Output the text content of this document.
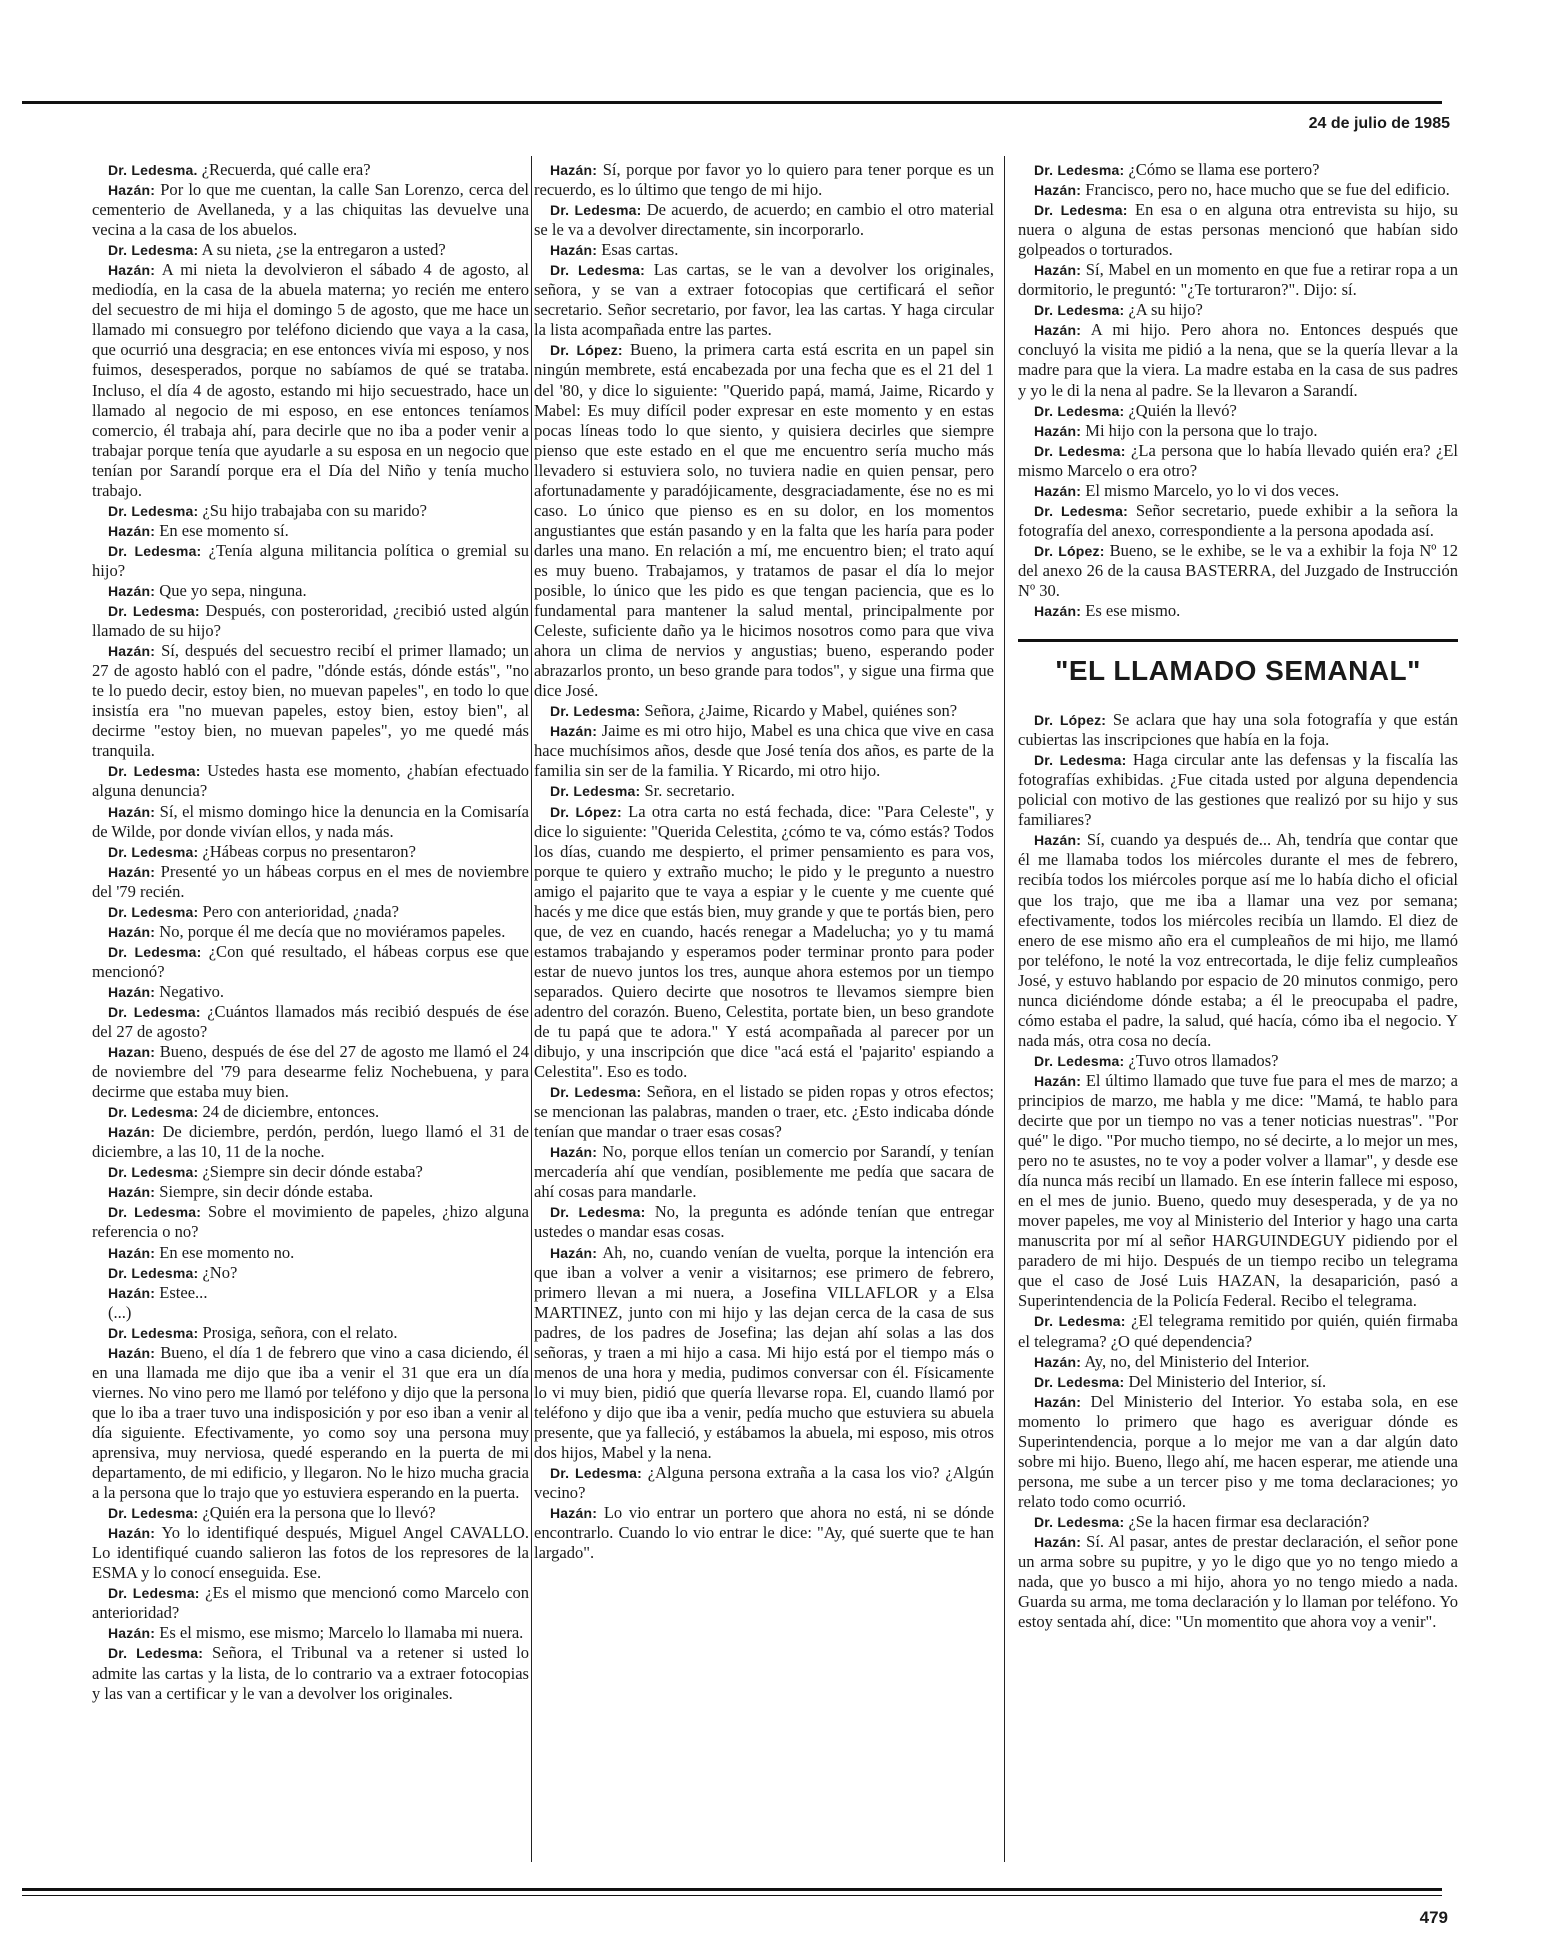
24 de julio de 1985

Dr. Ledesma. ¿Recuerda, qué calle era?

Hazán: Por lo que me cuentan, la calle San Lorenzo, cerca del cementerio de Avellaneda, y a las chiquitas las devuelve una vecina a la casa de los abuelos.

Dr. Ledesma: A su nieta, ¿se la entregaron a usted?

Hazán: A mi nieta la devolvieron el sábado 4 de agosto, al mediodía, en la casa de la abuela materna; yo recién me entero del secuestro de mi hija el domingo 5 de agosto, que me hace un llamado mi consuegro por teléfono diciendo que vaya a la casa, que ocurrió una desgracia; en ese entonces vivía mi esposo, y nos fuimos, desesperados, porque no sabíamos de qué se trataba. Incluso, el día 4 de agosto, estando mi hijo secuestrado, hace un llamado al negocio de mi esposo, en ese entonces teníamos comercio, él trabaja ahí, para decirle que no iba a poder venir a trabajar porque tenía que ayudarle a su esposa en un negocio que tenían por Sarandí porque era el Día del Niño y tenía mucho trabajo.

Dr. Ledesma: ¿Su hijo trabajaba con su marido?

Hazán: En ese momento sí.

Dr. Ledesma: ¿Tenía alguna militancia política o gremial su hijo?

Hazán: Que yo sepa, ninguna.

Dr. Ledesma: Después, con posteroridad, ¿recibió usted algún llamado de su hijo?

Hazán: Sí, después del secuestro recibí el primer llamado; un 27 de agosto habló con el padre, "dónde estás, dónde estás", "no te lo puedo decir, estoy bien, no muevan papeles", en todo lo que insistía era "no muevan papeles, estoy bien, estoy bien", al decirme "estoy bien, no muevan papeles", yo me quedé más tranquila.

Dr. Ledesma: Ustedes hasta ese momento, ¿habían efectuado alguna denuncia?

Hazán: Sí, el mismo domingo hice la denuncia en la Comisaría de Wilde, por donde vivían ellos, y nada más.

Dr. Ledesma: ¿Hábeas corpus no presentaron?

Hazán: Presenté yo un hábeas corpus en el mes de noviembre del '79 recién.

Dr. Ledesma: Pero con anterioridad, ¿nada?

Hazán: No, porque él me decía que no moviéramos papeles.

Dr. Ledesma: ¿Con qué resultado, el hábeas corpus ese que mencionó?

Hazán: Negativo.

Dr. Ledesma: ¿Cuántos llamados más recibió después de ése del 27 de agosto?

Hazan: Bueno, después de ése del 27 de agosto me llamó el 24 de noviembre del '79 para desearme feliz Nochebuena, y para decirme que estaba muy bien.

Dr. Ledesma: 24 de diciembre, entonces.

Hazán: De diciembre, perdón, perdón, luego llamó el 31 de diciembre, a las 10, 11 de la noche.

Dr. Ledesma: ¿Siempre sin decir dónde estaba?

Hazán: Siempre, sin decir dónde estaba.

Dr. Ledesma: Sobre el movimiento de papeles, ¿hizo alguna referencia o no?

Hazán: En ese momento no.

Dr. Ledesma: ¿No?

Hazán: Estee...

(...)

Dr. Ledesma: Prosiga, señora, con el relato.

Hazán: Bueno, el día 1 de febrero que vino a casa diciendo, él en una llamada me dijo que iba a venir el 31 que era un día viernes. No vino pero me llamó por teléfono y dijo que la persona que lo iba a traer tuvo una indisposición y por eso iban a venir al día siguiente. Efectivamente, yo como soy una persona muy aprensiva, muy nerviosa, quedé esperando en la puerta de mi departamento, de mi edificio, y llegaron. No le hizo mucha gracia a la persona que lo trajo que yo estuviera esperando en la puerta.

Dr. Ledesma: ¿Quién era la persona que lo llevó?

Hazán: Yo lo identifiqué después, Miguel Angel CAVALLO. Lo identifiqué cuando salieron las fotos de los represores de la ESMA y lo conocí enseguida. Ese.

Dr. Ledesma: ¿Es el mismo que mencionó como Marcelo con anterioridad?

Hazán: Es el mismo, ese mismo; Marcelo lo llamaba mi nuera.

Dr. Ledesma: Señora, el Tribunal va a retener si usted lo admite las cartas y la lista, de lo contrario va a extraer fotocopias y las van a certificar y le van a devolver los originales.

Hazán: Sí, porque por favor yo lo quiero para tener porque es un recuerdo, es lo último que tengo de mi hijo.

Dr. Ledesma: De acuerdo, de acuerdo; en cambio el otro material se le va a devolver directamente, sin incorporarlo.

Hazán: Esas cartas.

Dr. Ledesma: Las cartas, se le van a devolver los originales, señora, y se van a extraer fotocopias que certificará el señor secretario. Señor secretario, por favor, lea las cartas. Y haga circular la lista acompañada entre las partes.

Dr. López: Bueno, la primera carta está escrita en un papel sin ningún membrete, está encabezada por una fecha que es el 21 del 1 del '80, y dice lo siguiente: "Querido papá, mamá, Jaime, Ricardo y Mabel: Es muy difícil poder expresar en este momento y en estas pocas líneas todo lo que siento, y quisiera decirles que siempre pienso que este estado en el que me encuentro sería mucho más llevadero si estuviera solo, no tuviera nadie en quien pensar, pero afortunadamente y paradójicamente, desgraciadamente, ése no es mi caso. Lo único que pienso es en su dolor, en los momentos angustiantes que están pasando y en la falta que les haría para poder darles una mano. En relación a mí, me encuentro bien; el trato aquí es muy bueno. Trabajamos, y tratamos de pasar el día lo mejor posible, lo único que les pido es que tengan paciencia, que es lo fundamental para mantener la salud mental, principalmente por Celeste, suficiente daño ya le hicimos nosotros como para que viva ahora un clima de nervios y angustias; bueno, esperando poder abrazarlos pronto, un beso grande para todos", y sigue una firma que dice José.

Dr. Ledesma: Señora, ¿Jaime, Ricardo y Mabel, quiénes son?

Hazán: Jaime es mi otro hijo, Mabel es una chica que vive en casa hace muchísimos años, desde que José tenía dos años, es parte de la familia sin ser de la familia. Y Ricardo, mi otro hijo.

Dr. Ledesma: Sr. secretario.

Dr. López: La otra carta no está fechada, dice: "Para Celeste", y dice lo siguiente: "Querida Celestita, ¿cómo te va, cómo estás? Todos los días, cuando me despierto, el primer pensamiento es para vos, porque te quiero y extraño mucho; le pido y le pregunto a nuestro amigo el pajarito que te vaya a espiar y le cuente y me cuente qué hacés y me dice que estás bien, muy grande y que te portás bien, pero que, de vez en cuando, hacés renegar a Madelucha; yo y tu mamá estamos trabajando y esperamos poder terminar pronto para poder estar de nuevo juntos los tres, aunque ahora estemos por un tiempo separados. Quiero decirte que nosotros te llevamos siempre bien adentro del corazón. Bueno, Celestita, portate bien, un beso grandote de tu papá que te adora." Y está acompañada al parecer por un dibujo, y una inscripción que dice "acá está el 'pajarito' espiando a Celestita". Eso es todo.

Dr. Ledesma: Señora, en el listado se piden ropas y otros efectos; se mencionan las palabras, manden o traer, etc. ¿Esto indicaba dónde tenían que mandar o traer esas cosas?

Hazán: No, porque ellos tenían un comercio por Sarandí, y tenían mercadería ahí que vendían, posiblemente me pedía que sacara de ahí cosas para mandarle.

Dr. Ledesma: No, la pregunta es adónde tenían que entregar ustedes o mandar esas cosas.

Hazán: Ah, no, cuando venían de vuelta, porque la intención era que iban a volver a venir a visitarnos; ese primero de febrero, primero llevan a mi nuera, a Josefina VILLAFLOR y a Elsa MARTINEZ, junto con mi hijo y las dejan cerca de la casa de sus padres, de los padres de Josefina; las dejan ahí solas a las dos señoras, y traen a mi hijo a casa. Mi hijo está por el tiempo más o menos de una hora y media, pudimos conversar con él. Físicamente lo vi muy bien, pidió que quería llevarse ropa. El, cuando llamó por teléfono y dijo que iba a venir, pedía mucho que estuviera su abuela presente, que ya falleció, y estábamos la abuela, mi esposo, mis otros dos hijos, Mabel y la nena.

Dr. Ledesma: ¿Alguna persona extraña a la casa los vio? ¿Algún vecino?

Hazán: Lo vio entrar un portero que ahora no está, ni se dónde encontrarlo. Cuando lo vio entrar le dice: "Ay, qué suerte que te han largado".

Dr. Ledesma: ¿Cómo se llama ese portero?

Hazán: Francisco, pero no, hace mucho que se fue del edificio.

Dr. Ledesma: En esa o en alguna otra entrevista su hijo, su nuera o alguna de estas personas mencionó que habían sido golpeados o torturados.

Hazán: Sí, Mabel en un momento en que fue a retirar ropa a un dormitorio, le preguntó: "¿Te torturaron?". Dijo: sí.

Dr. Ledesma: ¿A su hijo?

Hazán: A mi hijo. Pero ahora no. Entonces después que concluyó la visita me pidió a la nena, que se la quería llevar a la madre para que la viera. La madre estaba en la casa de sus padres y yo le di la nena al padre. Se la llevaron a Sarandí.

Dr. Ledesma: ¿Quién la llevó?

Hazán: Mi hijo con la persona que lo trajo.

Dr. Ledesma: ¿La persona que lo había llevado quién era? ¿El mismo Marcelo o era otro?

Hazán: El mismo Marcelo, yo lo vi dos veces.

Dr. Ledesma: Señor secretario, puede exhibir a la señora la fotografía del anexo, correspondiente a la persona apodada así.

Dr. López: Bueno, se le exhibe, se le va a exhibir la foja Nº 12 del anexo 26 de la causa BASTERRA, del Juzgado de Instrucción Nº 30.

Hazán: Es ese mismo.

"EL LLAMADO SEMANAL"

Dr. López: Se aclara que hay una sola fotografía y que están cubiertas las inscripciones que había en la foja.

Dr. Ledesma: Haga circular ante las defensas y la fiscalía las fotografías exhibidas. ¿Fue citada usted por alguna dependencia policial con motivo de las gestiones que realizó por su hijo y sus familiares?

Hazán: Sí, cuando ya después de... Ah, tendría que contar que él me llamaba todos los miércoles durante el mes de febrero, recibía todos los miércoles porque así me lo había dicho el oficial que los trajo, que me iba a llamar una vez por semana; efectivamente, todos los miércoles recibía un llamdo. El diez de enero de ese mismo año era el cumpleaños de mi hijo, me llamó por teléfono, le noté la voz entrecortada, le dije feliz cumpleaños José, y estuvo hablando por espacio de 20 minutos conmigo, pero nunca diciéndome dónde estaba; a él le preocupaba el padre, cómo estaba el padre, la salud, qué hacía, cómo iba el negocio. Y nada más, otra cosa no decía.

Dr. Ledesma: ¿Tuvo otros llamados?

Hazán: El último llamado que tuve fue para el mes de marzo; a principios de marzo, me habla y me dice: "Mamá, te hablo para decirte que por un tiempo no vas a tener noticias nuestras". "Por qué" le digo. "Por mucho tiempo, no sé decirte, a lo mejor un mes, pero no te asustes, no te voy a poder volver a llamar", y desde ese día nunca más recibí un llamado. En ese ínterin fallece mi esposo, en el mes de junio. Bueno, quedo muy desesperada, y de ya no mover papeles, me voy al Ministerio del Interior y hago una carta manuscrita por mí al señor HARGUINDEGUY pidiendo por el paradero de mi hijo. Después de un tiempo recibo un telegrama que el caso de José Luis HAZAN, la desaparición, pasó a Superintendencia de la Policía Federal. Recibo el telegrama.

Dr. Ledesma: ¿El telegrama remitido por quién, quién firmaba el telegrama? ¿O qué dependencia?

Hazán: Ay, no, del Ministerio del Interior.

Dr. Ledesma: Del Ministerio del Interior, sí.

Hazán: Del Ministerio del Interior. Yo estaba sola, en ese momento lo primero que hago es averiguar dónde es Superintendencia, porque a lo mejor me van a dar algún dato sobre mi hijo. Bueno, llego ahí, me hacen esperar, me atiende una persona, me sube a un tercer piso y me toma declaraciones; yo relato todo como ocurrió.

Dr. Ledesma: ¿Se la hacen firmar esa declaración?

Hazán: Sí. Al pasar, antes de prestar declaración, el señor pone un arma sobre su pupitre, y yo le digo que yo no tengo miedo a nada, que yo busco a mi hijo, ahora yo no tengo miedo a nada. Guarda su arma, me toma declaración y lo llaman por teléfono. Yo estoy sentada ahí, dice: "Un momentito que ahora voy a venir".

479
